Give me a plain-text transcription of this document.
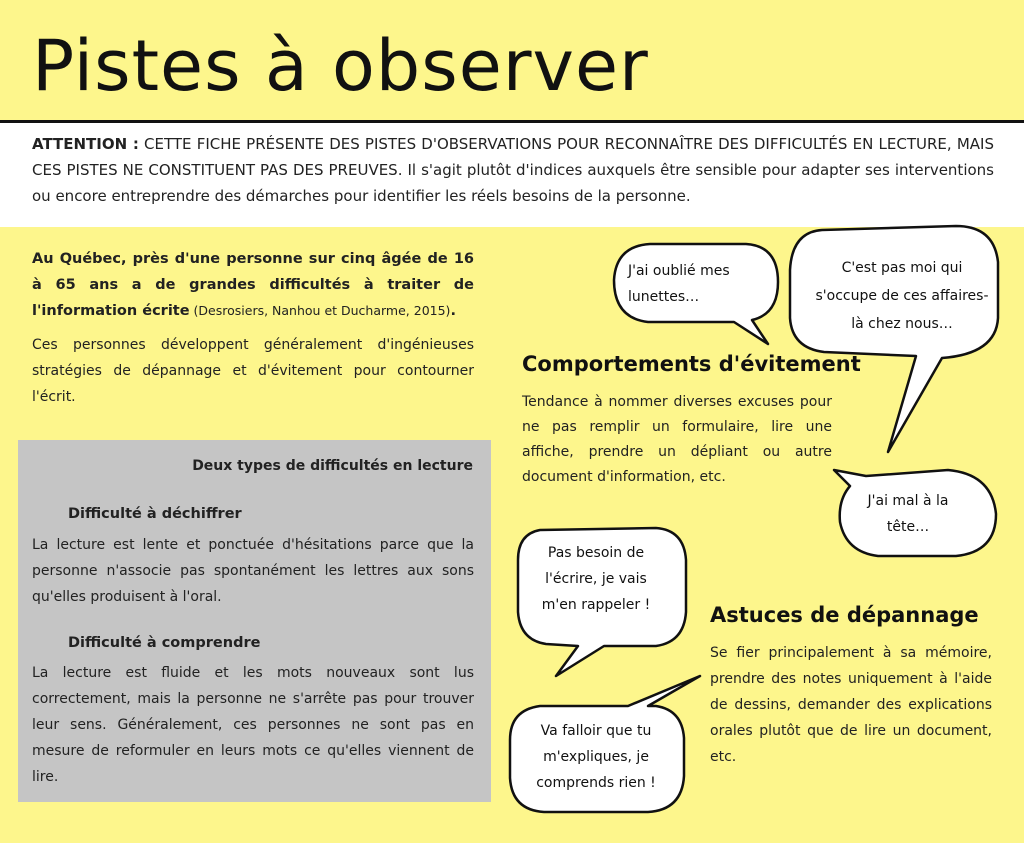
Pistes à observer

ATTENTION : CETTE FICHE PRÉSENTE DES PISTES D'OBSERVATIONS POUR RECONNAÎTRE DES DIFFICULTÉS EN LECTURE, MAIS CES PISTES NE CONSTITUENT PAS DES PREUVES. Il s'agit plutôt d'indices auxquels être sensible pour adapter ses interventions ou encore entreprendre des démarches pour identifier les réels besoins de la personne.

Au Québec, près d'une personne sur cinq âgée de 16 à 65 ans a de grandes difficultés à traiter de l'information écrite (Desrosiers, Nanhou et Ducharme, 2015).

Ces personnes développent généralement d'ingénieuses stratégies de dépannage et d'évitement pour contourner l'écrit.

Deux types de difficultés en lecture
Difficulté à déchiffrer

La lecture est lente et ponctuée d'hésitations parce que la personne n'associe pas spontanément les lettres aux sons qu'elles produisent à l'oral.

Difficulté à comprendre

La lecture est fluide et les mots nouveaux sont lus correctement, mais la personne ne s'arrête pas pour trouver leur sens. Généralement, ces personnes ne sont pas en mesure de reformuler en leurs mots ce qu'elles viennent de lire.

Comportements d'évitement

Tendance à nommer diverses excuses pour ne pas remplir un formulaire, lire une affiche, prendre un dépliant ou autre document d'information, etc.

Astuces de dépannage

Se fier principalement à sa mémoire, prendre des notes uniquement à l'aide de dessins, demander des explications orales plutôt que de lire un document, etc.

J'ai oublié mes lunettes…

C'est pas moi qui s'occupe de ces affaires-là chez nous…

J'ai mal à la tête…

Pas besoin de l'écrire, je vais m'en rappeler !

Va falloir que tu m'expliques, je comprends rien !
